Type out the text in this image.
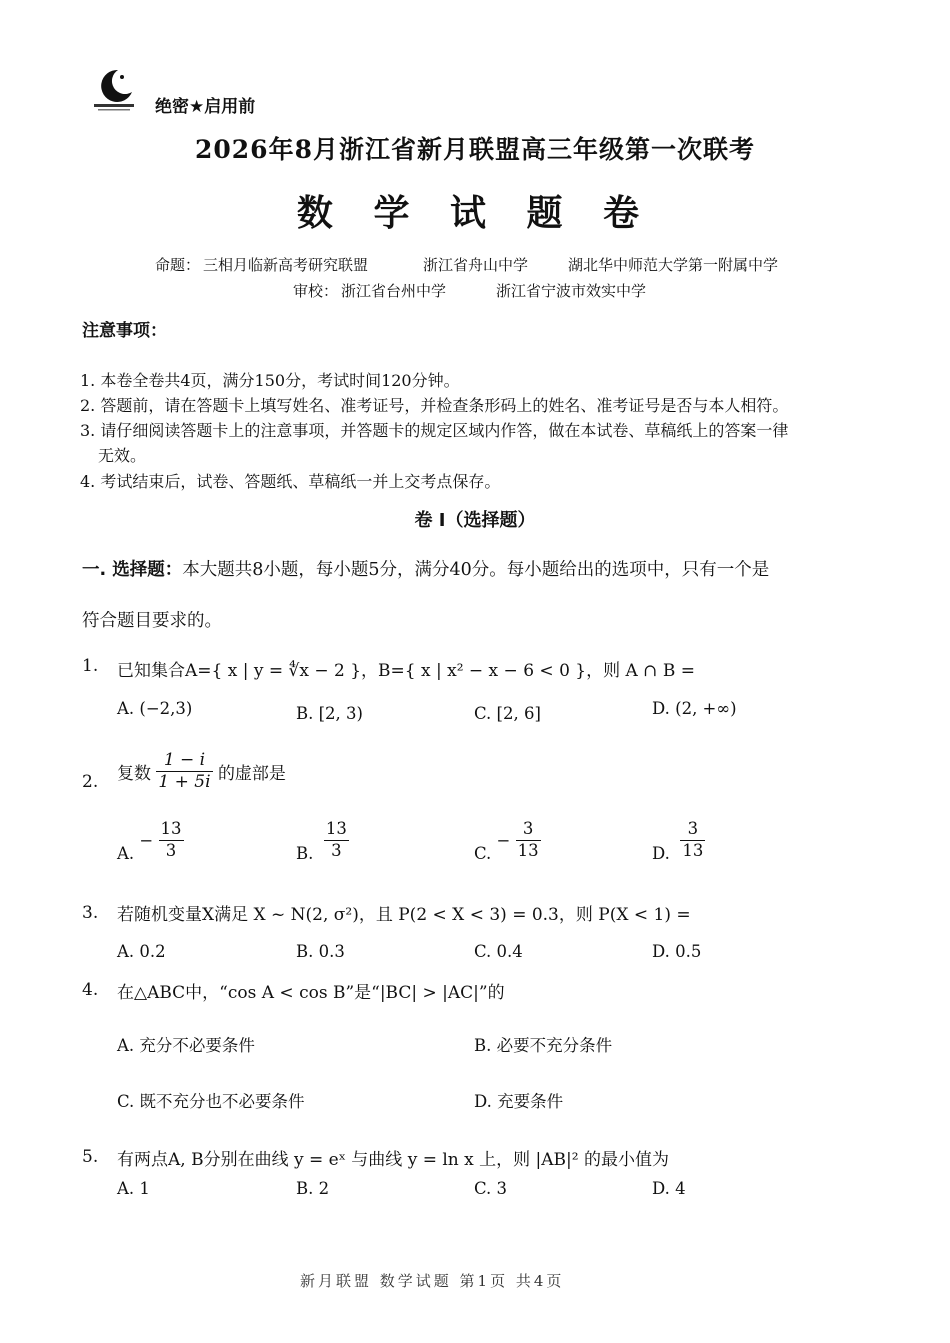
绝密★启用前
2026年8月浙江省新月联盟高三年级第一次联考
数 学 试 题 卷
命题： 三相月临新高考研究联盟	浙江省舟山中学	湖北华中师范大学第一附属中学
审校： 浙江省台州中学	浙江省宁波市效实中学
注意事项：
1. 本卷全卷共4页，满分150分，考试时间120分钟。
2. 答题前，请在答题卡上填写姓名、准考证号，并检查条形码上的姓名、准考证号是否与本人相符。
3. 请仔细阅读答题卡上的注意事项，并答题卡的规定区域内作答，做在本试卷、草稿纸上的答案一律
无效。
4. 考试结束后，试卷、答题纸、草稿纸一并上交考点保存。
卷 I（选择题）
一. 选择题：本大题共8小题，每小题5分，满分40分。每小题给出的选项中，只有一个是
符合题目要求的。
1. 已知集合A={ x | y = ∜x − 2 }，B={ x | x² − x − 6 < 0 }，则 A ∩ B =
A. (−2,3)	B. [2, 3)	C. [2, 6]	D. (2, +∞)
2. 复数 $\frac{1 - i}{1 + 5i}$ 的虚部是
A. − $\frac{13}{3}$	B. $\frac{13}{3}$	C. − $\frac{3}{13}$	D. $\frac{3}{13}$
3. 若随机变量X满足 X ~ N(2, σ²)，且 P(2 < X < 3) = 0.3，则 P(X < 1) =
A. 0.2	B. 0.3	C. 0.4	D. 0.5
4. 在△ABC中，“cos A < cos B”是“|BC| > |AC|”的
A. 充分不必要条件	B. 必要不充分条件
C. 既不充分也不必要条件	D. 充要条件
5. 有两点A, B分别在曲线 y = eˣ 与曲线 y = ln x 上，则 |AB|² 的最小值为
A. 1	B. 2	C. 3	D. 4
新月联盟 数学试题 第1页 共4页
